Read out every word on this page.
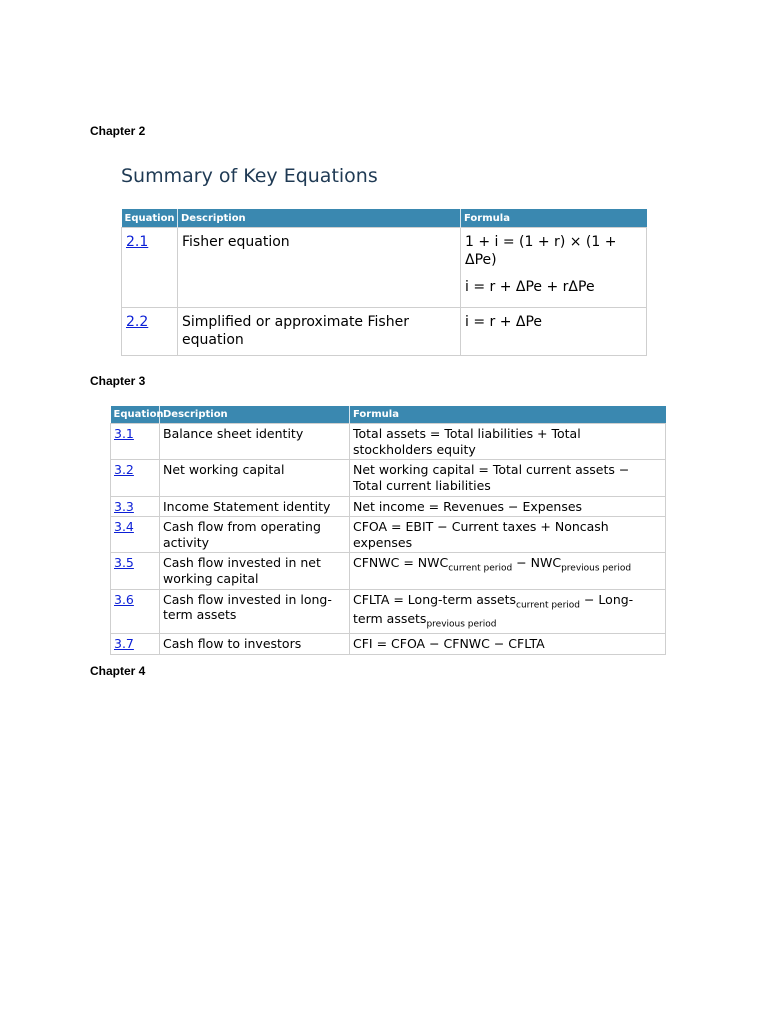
Chapter 2
Summary of Key Equations
Equation	Description	Formula
2.1	Fisher equation	1 + i = (1 + r) × (1 + ΔPe)
i = r + ΔPe + rΔPe

2.2	Simplified or approximate Fisher equation	i = r + ΔPe
Chapter 3
Equation	Description	Formula
3.1	Balance sheet identity	Total assets = Total liabilities + Total stockholders equity
3.2	Net working capital	Net working capital = Total current assets − Total current liabilities
3.3	Income Statement identity	Net income = Revenues − Expenses
3.4	Cash flow from operating activity	CFOA = EBIT − Current taxes + Noncash expenses
3.5	Cash flow invested in net working capital	CFNWC = $NWC_{current period} - NWC_{previous period}$
3.6	Cash flow invested in long-term assets	CFLTA = Long-term assets$_{current period}$ − Long-term assets$_{previous period}$
3.7	Cash flow to investors	CFI = CFOA − CFNWC − CFLTA
Chapter 4
